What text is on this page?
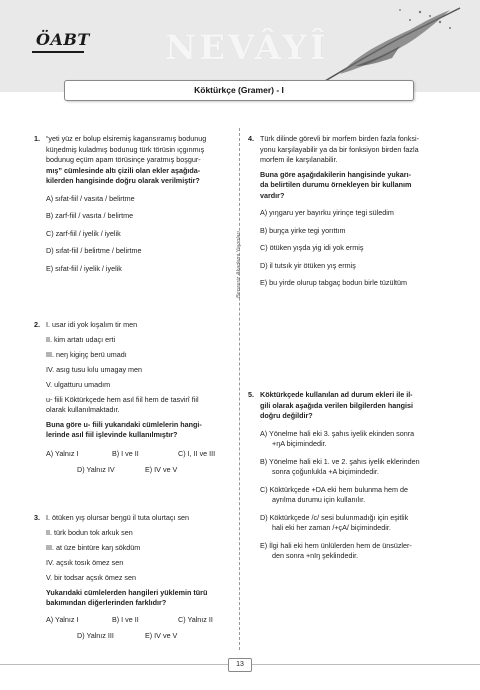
ÖABT NEVÂYÎ
Köktürkçe (Gramer) - I
Benzeriz Akademi Yayınları
1. “yeti yüz er bolup elsiremiş kagansıramış bodunug
küŋedmiş kuladmış bodunug türk törüsin ıçgınmış
bodunug eçüm apam törüsinçe yaratmış boşgur-
mış” cümlesinde altı çizili olan ekler aşağıda-
kilerden hangisinde doğru olarak verilmiştir?
A) sıfat-fiil / vasıta / belirtme
B) zarf-fiil / vasıta / belirtme
C) zarf-fiil / iyelik / iyelik
D) sıfat-fiil / belirtme / belirtme
E) sıfat-fiil / iyelik / iyelik
2. I. usar idi yok kışalım tir men
II. kim artatı udaçı erti
III. neŋ kigiŋç berü umadı
IV. asıg tusu kılu umagay men
V. ulgatturu umadım
u- fiili Köktürkçede hem asıl fiil hem de tasvirî fiil
olarak kullanılmaktadır.
Buna göre u- fiili yukarıdaki cümlelerin hangi-
lerinde asıl fiil işlevinde kullanılmıştır?
A) Yalnız I	B) I ve II	C) I, II ve III
D) Yalnız IV	E) IV ve V
3. I. ötüken yış olursar beŋgü il tuta olurtaçı sen
II. türk bodun tok arkuk sen
III. at üze bintüre kaŋ sökdüm
IV. açsık tosık ömez sen
V. bir todsar açsık ömez sen
Yukarıdaki cümlelerden hangileri yüklemin türü
bakımından diğerlerinden farklıdır?
A) Yalnız I	B) I ve II	C) Yalnız II
D) Yalnız III	E) IV ve V
4. Türk dilinde görevli bir morfem birden fazla fonksi-
yonu karşılayabilir ya da bir fonksiyon birden fazla
morfem ile karşılanabilir.
Buna göre aşağıdakilerin hangisinde yukarı-
da belirtilen durumu örnekleyen bir kullanım
vardır?
A) yıŋgaru yer bayırku yirinçe tegi süledim
B) buŋça yirke tegi yorıttım
C) ötüken yışda yig idi yok ermiş
D) il tutsık yir ötüken yış ermiş
E) bu yirde olurup tabgaç bodun birle tüzültüm
5. Köktürkçede kullanılan ad durum ekleri ile il-
gili olarak aşağıda verilen bilgilerden hangisi
doğru değildir?
A) Yönelme hali eki 3. şahıs iyelik ekinden sonra
+ŋA biçimindedir.
B) Yönelme hali eki 1. ve 2. şahıs iyelik eklerinden
sonra çoğunlukla +A biçimindedir.
C) Köktürkçede +DA eki hem bulunma hem de
ayrılma durumu için kullanılır.
D) Köktürkçede /c/ sesi bulunmadığı için eşitlik
hali eki her zaman /+çA/ biçimindedir.
E) İlgi hali eki hem ünlülerden hem de ünsüzler-
den sonra +nIŋ şeklindedir.
13
